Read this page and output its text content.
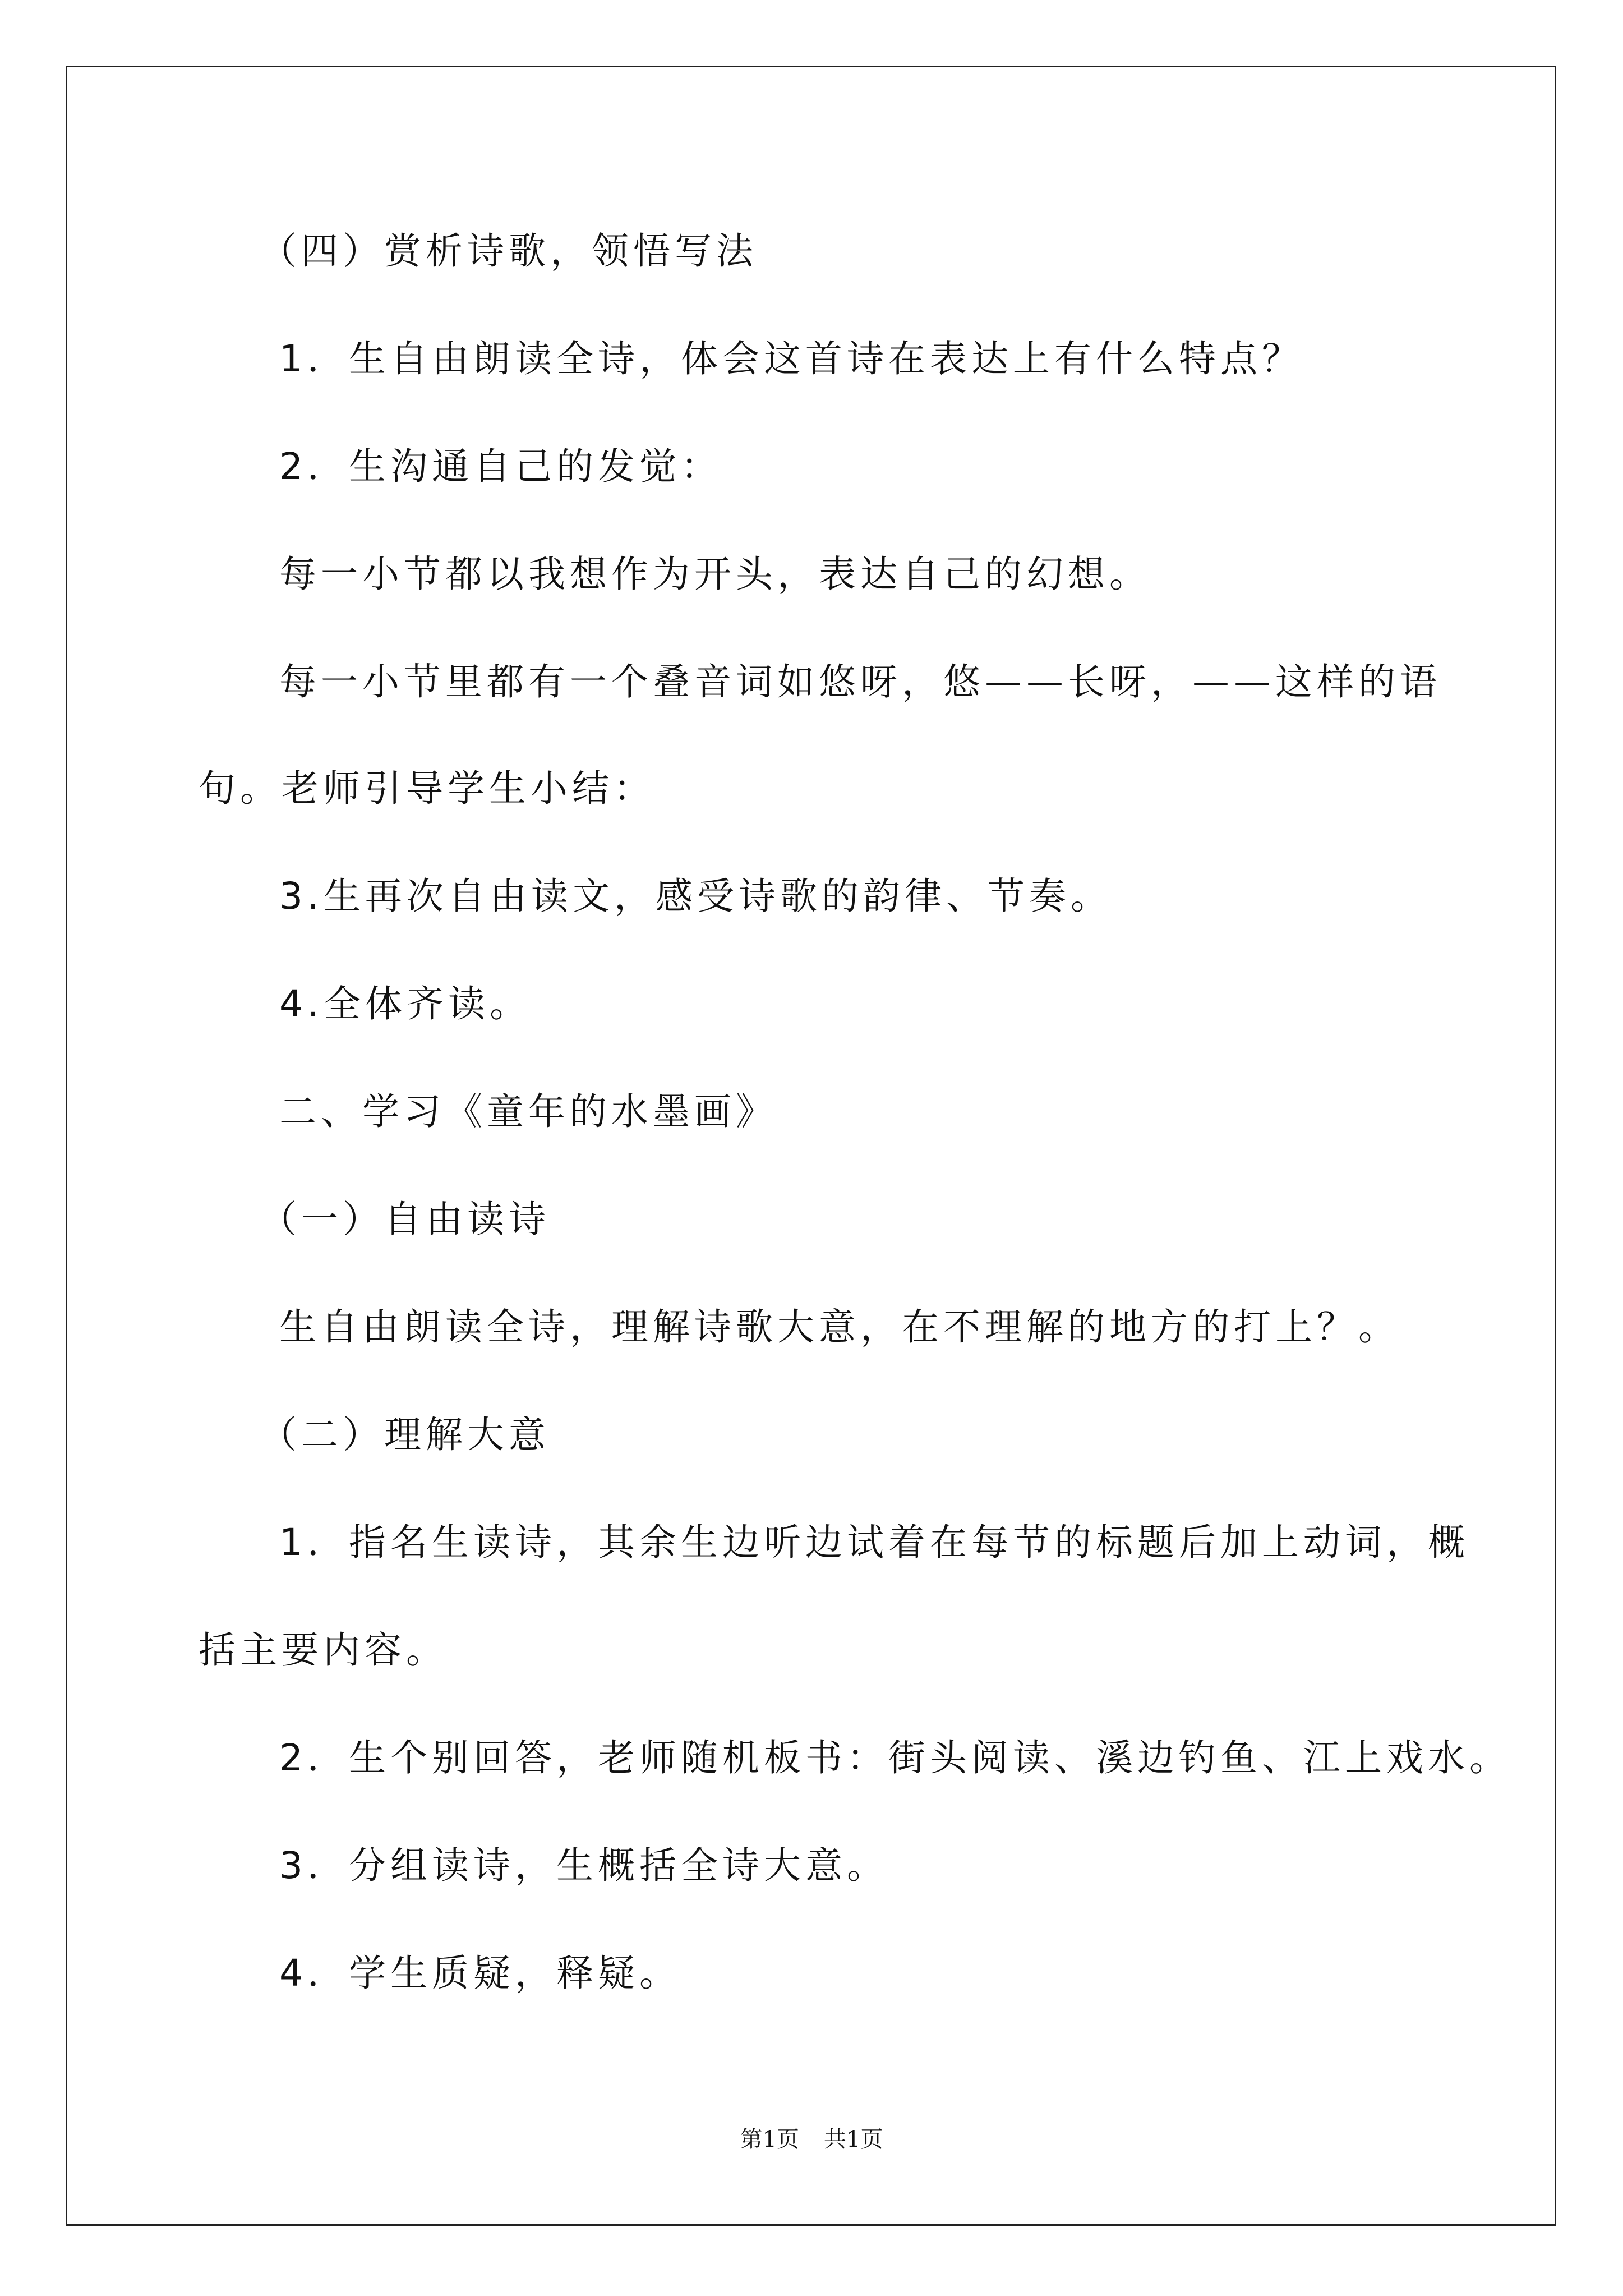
（四）赏析诗歌，领悟写法

1．生自由朗读全诗，体会这首诗在表达上有什么特点？

2．生沟通自己的发觉：

每一小节都以我想作为开头，表达自己的幻想。

每一小节里都有一个叠音词如悠呀，悠——长呀，——这样的语

句。老师引导学生小结：

3.生再次自由读文，感受诗歌的韵律、节奏。

4.全体齐读。

二、学习《童年的水墨画》

（一）自由读诗

生自由朗读全诗，理解诗歌大意，在不理解的地方的打上？。

（二）理解大意

1．指名生读诗，其余生边听边试着在每节的标题后加上动词，概

括主要内容。

2．生个别回答，老师随机板书：街头阅读、溪边钓鱼、江上戏水。

3．分组读诗，生概括全诗大意。

4．学生质疑，释疑。

第1页 共1页
